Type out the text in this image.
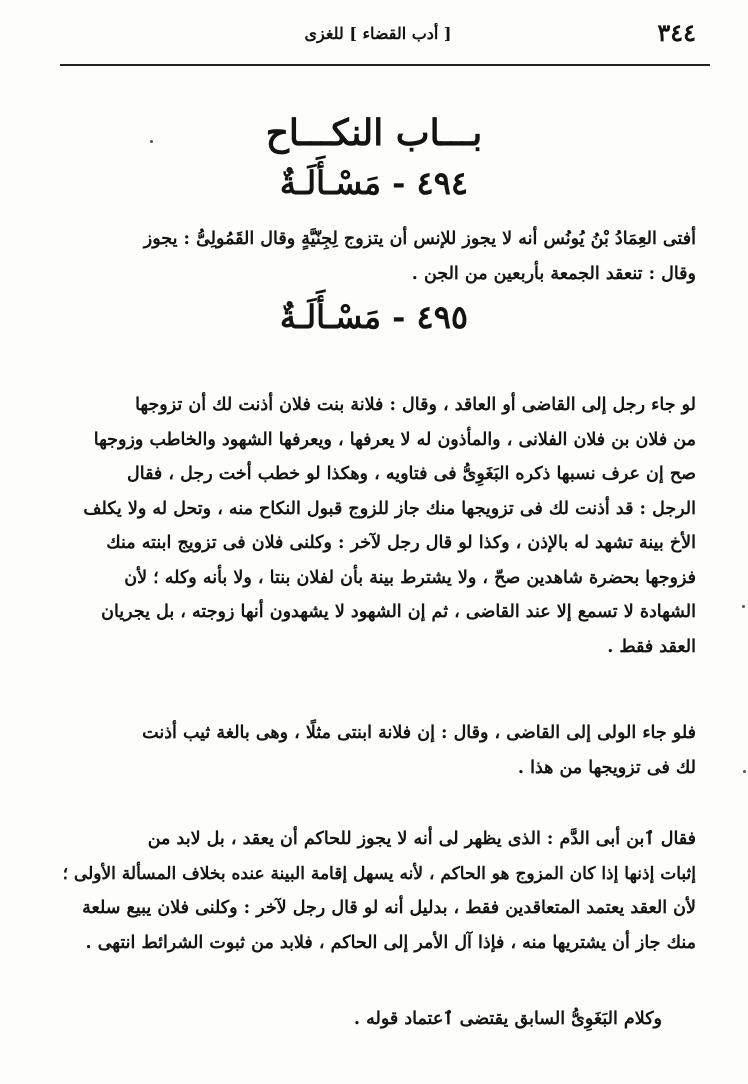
٣٤٤
[ أدب القضاء ] للغزى
بـــاب النكـــاح
٤٩٤ - مَسْـأَلَـةٌ
أفتى العِمَادُ بْنُ يُونُس أنه لا يجوز للإنس أن يتزوج لِجِنّيَّةٍ وقال القَمُولِىُّ : يجوز
وقال : تنعقد الجمعة بأربعين من الجن .
٤٩٥ - مَسْـأَلَـةٌ
لو جاء رجل إلى القاضى أو العاقد ، وقال : فلانة بنت فلان أذنت لك أن تزوجها
من فلان بن فلان الفلانى ، والمأذون له لا يعرفها ، ويعرفها الشهود والخاطب وزوجها
صح إن عرف نسبها ذكره البَغَوِىُّ فى فتاويه ، وهكذا لو خطب أخت رجل ، فقال
الرجل : قد أذنت لك فى تزويجها منك جاز للزوج قبول النكاح منه ، وتحل له ولا يكلف
الأخ بينة تشهد له بالإذن ، وكذا لو قال رجل لآخر : وكلنى فلان فى تزويج ابنته منك
فزوجها بحضرة شاهدين صحّ ، ولا يشترط بينة بأن لفلان بنتا ، ولا بأنه وكله ؛ لأن
الشهادة لا تسمع إلا عند القاضى ، ثم إن الشهود لا يشهدون أنها زوجته ، بل يجريان
العقد فقط .
فلو جاء الولى إلى القاضى ، وقال : إن فلانة ابنتى مثلًا ، وهى بالغة ثيب أذنت
لك فى تزويجها من هذا .
فقال ٱبن أبى الدَّم : الذى يظهر لى أنه لا يجوز للحاكم أن يعقد ، بل لابد من
إثبات إذنها إذا كان المزوج هو الحاكم ، لأنه يسهل إقامة البينة عنده بخلاف المسألة الأولى ؛
لأن العقد يعتمد المتعاقدين فقط ، بدليل أنه لو قال رجل لآخر : وكلنى فلان يبيع سلعة
منك جاز أن يشتريها منه ، فإذا آل الأمر إلى الحاكم ، فلابد من ثبوت الشرائط انتهى .
وكلام البَغَوِىُّ السابق يقتضى ٱعتماد قوله .
